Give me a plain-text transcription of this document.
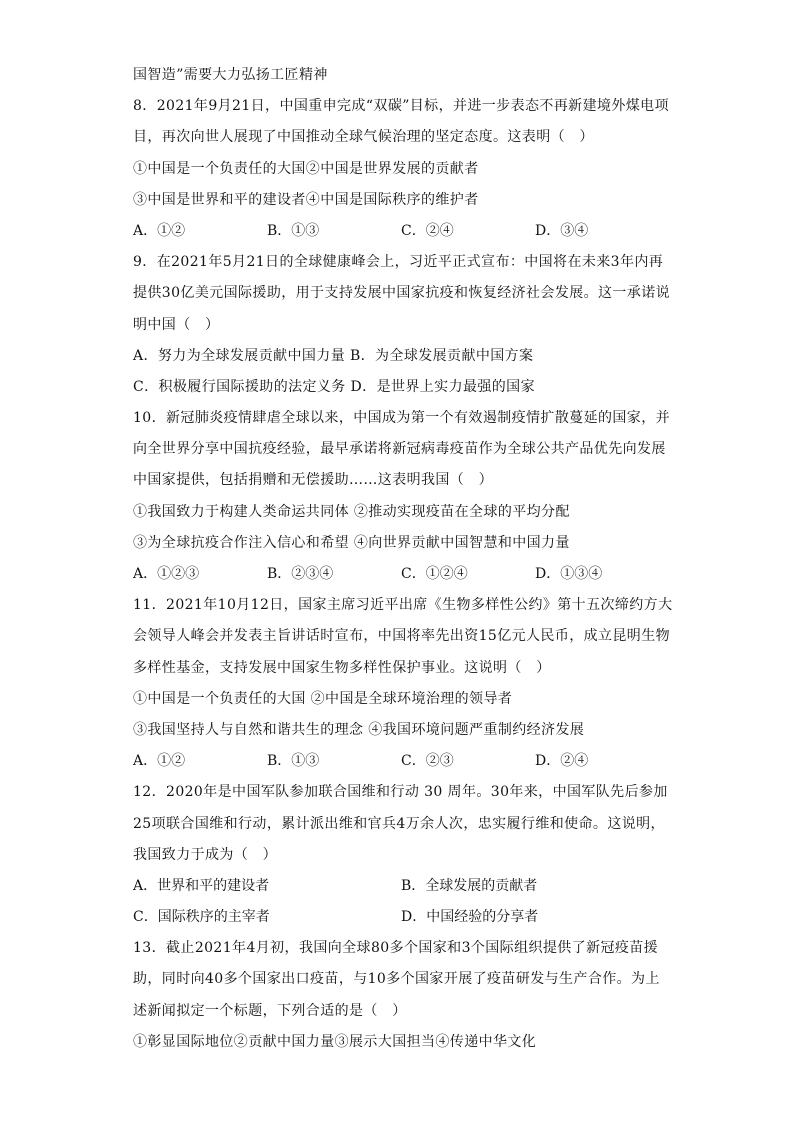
国智造”需要大力弘扬工匠精神
8．2021年9月21日，中国重申完成“双碳”目标，并进一步表态不再新建境外煤电项
目，再次向世人展现了中国推动全球气候治理的坚定态度。这表明（　）
①中国是一个负责任的大国②中国是世界发展的贡献者
③中国是世界和平的建设者④中国是国际秩序的维护者
A．①②	B．①③	C．②④	D．③④
9．在2021年5月21日的全球健康峰会上，习近平正式宣布：中国将在未来3年内再
提供30亿美元国际援助，用于支持发展中国家抗疫和恢复经济社会发展。这一承诺说
明中国（　）
A．努力为全球发展贡献中国力量 B．为全球发展贡献中国方案
C．积极履行国际援助的法定义务 D．是世界上实力最强的国家
10．新冠肺炎疫情肆虐全球以来，中国成为第一个有效遏制疫情扩散蔓延的国家，并
向全世界分享中国抗疫经验，最早承诺将新冠病毒疫苗作为全球公共产品优先向发展
中国家提供，包括捐赠和无偿援助……这表明我国（　）
①我国致力于构建人类命运共同体 ②推动实现疫苗在全球的平均分配
③为全球抗疫合作注入信心和希望 ④向世界贡献中国智慧和中国力量
A．①②③	B．②③④	C．①②④	D．①③④
11．2021年10月12日，国家主席习近平出席《生物多样性公约》第十五次缔约方大
会领导人峰会并发表主旨讲话时宣布，中国将率先出资15亿元人民币，成立昆明生物
多样性基金，支持发展中国家生物多样性保护事业。这说明（　）
①中国是一个负责任的大国 ②中国是全球环境治理的领导者
③我国坚持人与自然和谐共生的理念 ④我国环境问题严重制约经济发展
A．①②	B．①③	C．②③	D．②④
12．2020年是中国军队参加联合国维和行动 30 周年。30年来，中国军队先后参加
25项联合国维和行动，累计派出维和官兵4万余人次，忠实履行维和使命。这说明，
我国致力于成为（　）
A．世界和平的建设者	B．全球发展的贡献者
C．国际秩序的主宰者	D．中国经验的分享者
13．截止2021年4月初，我国向全球80多个国家和3个国际组织提供了新冠疫苗援
助，同时向40多个国家出口疫苗，与10多个国家开展了疫苗研发与生产合作。为上
述新闻拟定一个标题，下列合适的是（　）
①彰显国际地位②贡献中国力量③展示大国担当④传递中华文化
